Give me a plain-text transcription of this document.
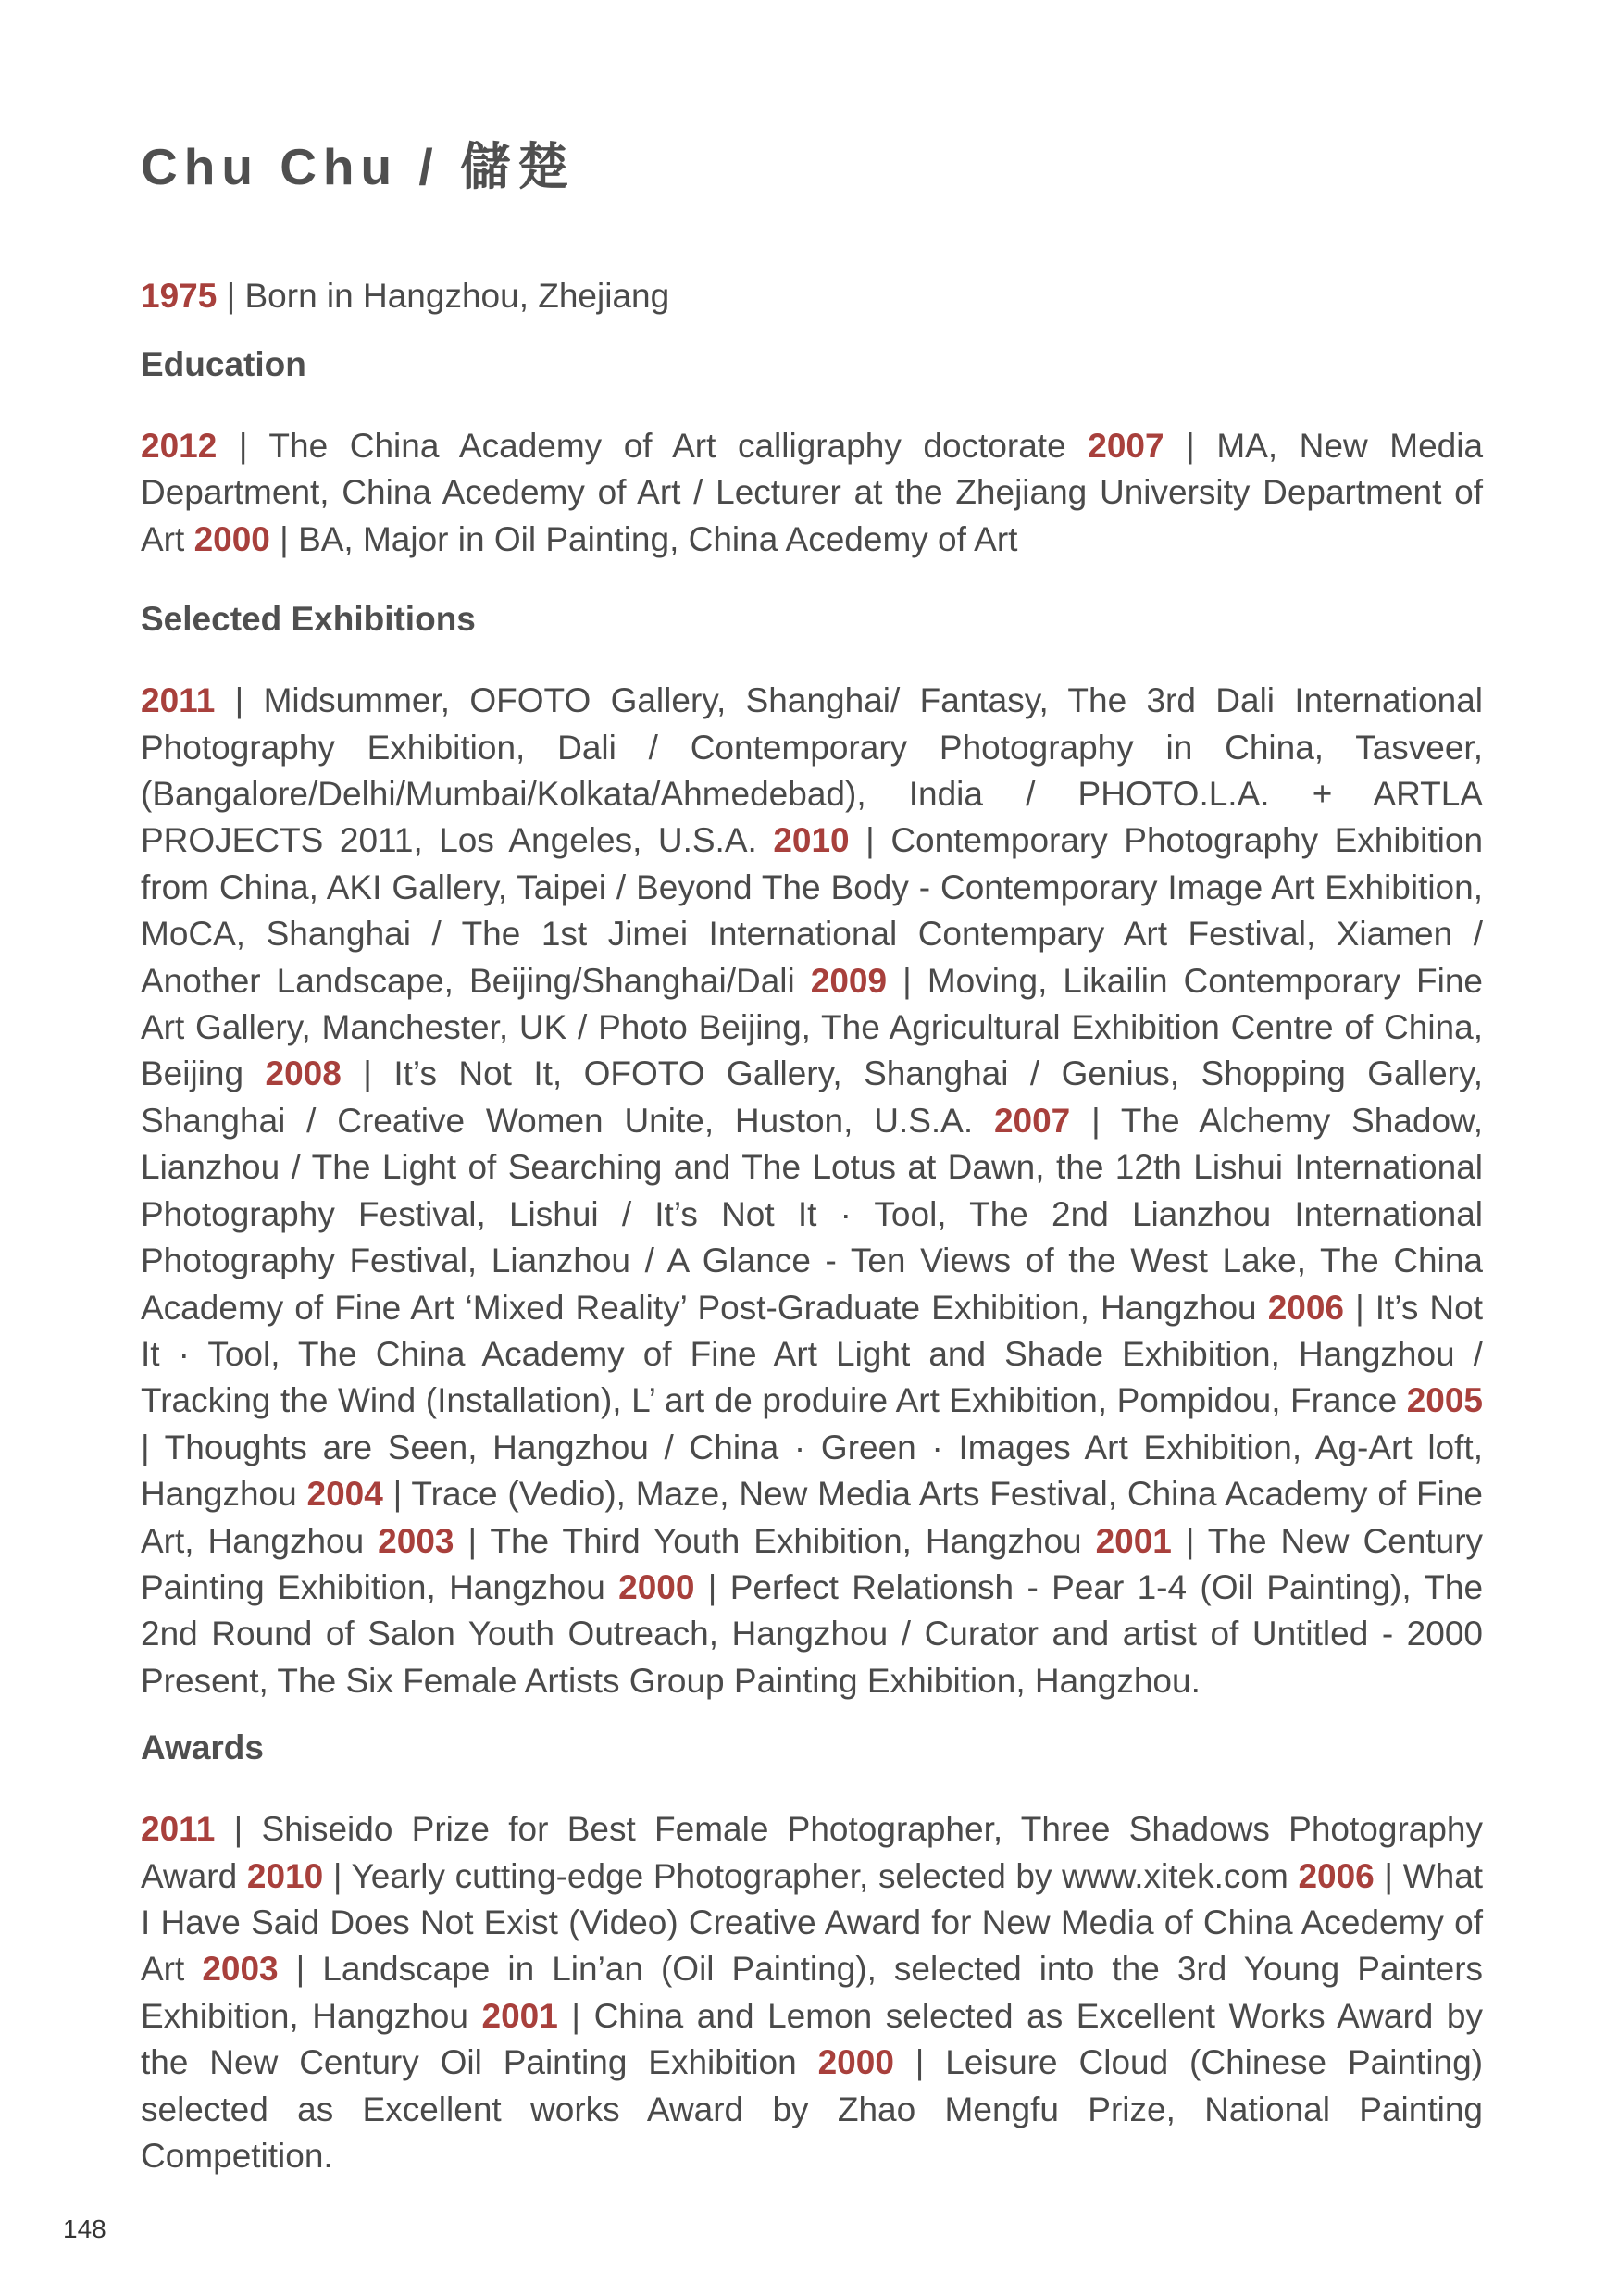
Chu Chu / 儲楚
1975 | Born in Hangzhou, Zhejiang
Education
2012 | The China Academy of Art calligraphy doctorate 2007 | MA, New Media Department, China Acedemy of Art / Lecturer at the Zhejiang University Department of Art 2000 | BA, Major in Oil Painting, China Acedemy of Art
Selected Exhibitions
2011 | Midsummer, OFOTO Gallery, Shanghai/ Fantasy, The 3rd Dali International Photography Exhibition, Dali / Contemporary Photography in China, Tasveer, (Bangalore/Delhi/Mumbai/Kolkata/Ahmedebad), India / PHOTO.L.A. + ARTLA PROJECTS 2011, Los Angeles, U.S.A. 2010 | Contemporary Photography Exhibition from China, AKI Gallery, Taipei / Beyond The Body - Contemporary Image Art Exhibition, MoCA, Shanghai / The 1st Jimei International Contempary Art Festival, Xiamen / Another Landscape, Beijing/Shanghai/Dali 2009 | Moving, Likailin Contemporary Fine Art Gallery, Manchester, UK / Photo Beijing, The Agricultural Exhibition Centre of China, Beijing 2008 | It’s Not It, OFOTO Gallery, Shanghai / Genius, Shopping Gallery, Shanghai / Creative Women Unite, Huston, U.S.A. 2007 | The Alchemy Shadow, Lianzhou / The Light of Searching and The Lotus at Dawn, the 12th Lishui International Photography Festival, Lishui / It’s Not It · Tool, The 2nd Lianzhou International Photography Festival, Lianzhou / A Glance - Ten Views of the West Lake, The China Academy of Fine Art ‘Mixed Reality’ Post-Graduate Exhibition, Hangzhou 2006 | It’s Not It · Tool, The China Academy of Fine Art Light and Shade Exhibition, Hangzhou / Tracking the Wind (Installation), L’ art de produire Art Exhibition, Pompidou, France 2005 | Thoughts are Seen, Hangzhou / China · Green · Images Art Exhibition, Ag-Art loft, Hangzhou 2004 | Trace (Vedio), Maze, New Media Arts Festival, China Academy of Fine Art, Hangzhou 2003 | The Third Youth Exhibition, Hangzhou 2001 | The New Century Painting Exhibition, Hangzhou 2000 | Perfect Relationsh - Pear 1-4 (Oil Painting), The 2nd Round of Salon Youth Outreach, Hangzhou / Curator and artist of Untitled - 2000 Present, The Six Female Artists Group Painting Exhibition, Hangzhou.
Awards
2011 | Shiseido Prize for Best Female Photographer, Three Shadows Photography Award 2010 | Yearly cutting-edge Photographer, selected by www.xitek.com 2006 | What I Have Said Does Not Exist (Video) Creative Award for New Media of China Acedemy of Art 2003 | Landscape in Lin’an (Oil Painting), selected into the 3rd Young Painters Exhibition, Hangzhou 2001 | China and Lemon selected as Excellent Works Award by the New Century Oil Painting Exhibition 2000 | Leisure Cloud (Chinese Painting) selected as Excellent works Award by Zhao Mengfu Prize, National Painting Competition.
148
